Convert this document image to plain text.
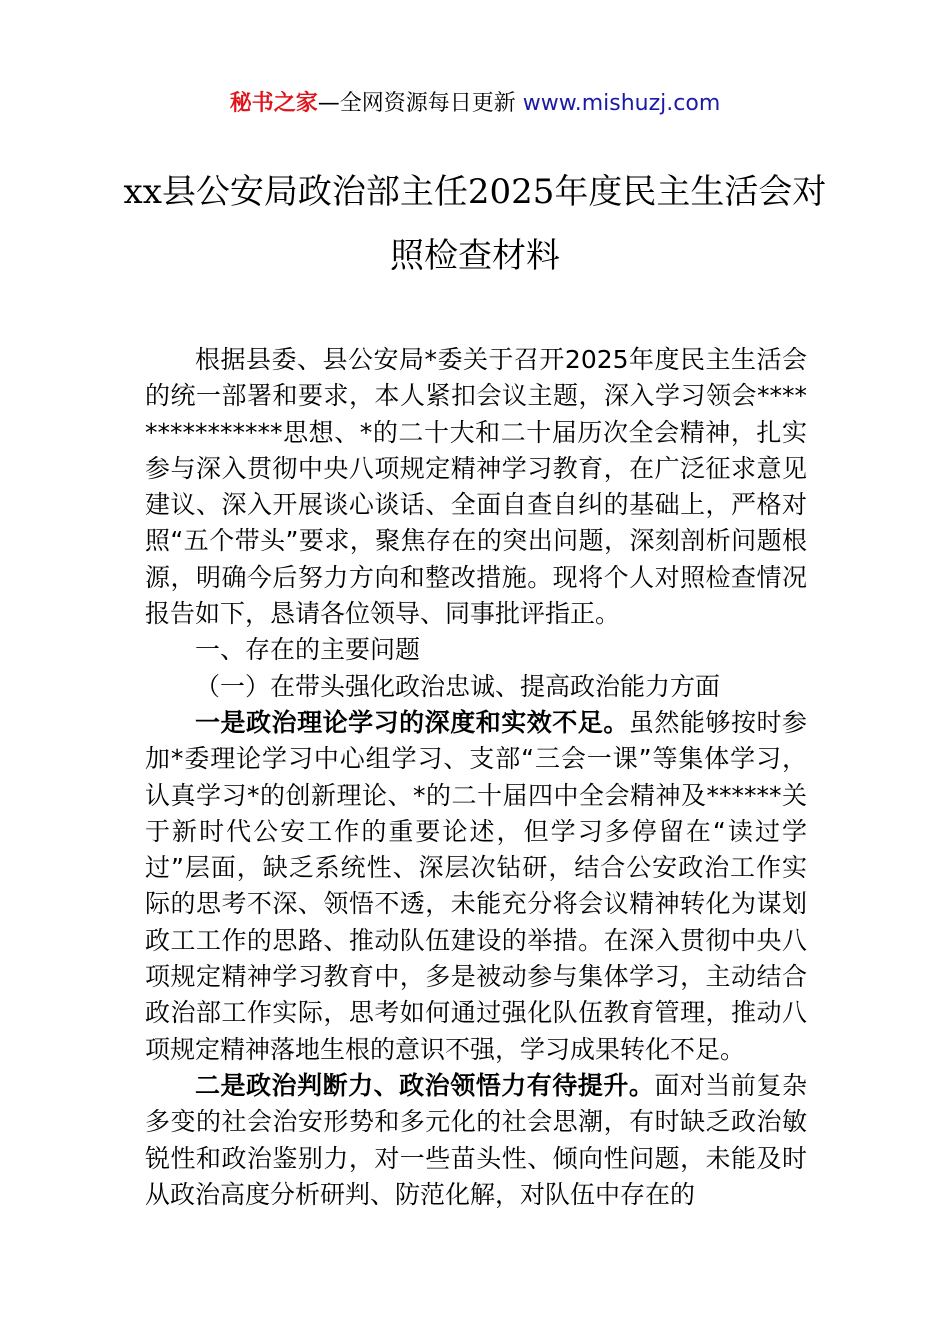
秘书之家—全网资源每日更新 www.mishuzj.com
xx县公安局政治部主任2025年度民主生活会对照检查材料

根据县委、县公安局*委关于召开2025年度民主生活会的统一部署和要求，本人紧扣会议主题，深入学习领会***************思想、*的二十大和二十届历次全会精神，扎实参与深入贯彻中央八项规定精神学习教育，在广泛征求意见建议、深入开展谈心谈话、全面自查自纠的基础上，严格对照“五个带头”要求，聚焦存在的突出问题，深刻剖析问题根源，明确今后努力方向和整改措施。现将个人对照检查情况报告如下，恳请各位领导、同事批评指正。

一、存在的主要问题

（一）在带头强化政治忠诚、提高政治能力方面

一是政治理论学习的深度和实效不足。虽然能够按时参加*委理论学习中心组学习、支部“三会一课”等集体学习，认真学习*的创新理论、*的二十届四中全会精神及******关于新时代公安工作的重要论述，但学习多停留在“读过学过”层面，缺乏系统性、深层次钻研，结合公安政治工作实际的思考不深、领悟不透，未能充分将会议精神转化为谋划政工工作的思路、推动队伍建设的举措。在深入贯彻中央八项规定精神学习教育中，多是被动参与集体学习，主动结合政治部工作实际，思考如何通过强化队伍教育管理，推动八项规定精神落地生根的意识不强，学习成果转化不足。

二是政治判断力、政治领悟力有待提升。面对当前复杂多变的社会治安形势和多元化的社会思潮，有时缺乏政治敏锐性和政治鉴别力，对一些苗头性、倾向性问题，未能及时从政治高度分析研判、防范化解，对队伍中存在的
